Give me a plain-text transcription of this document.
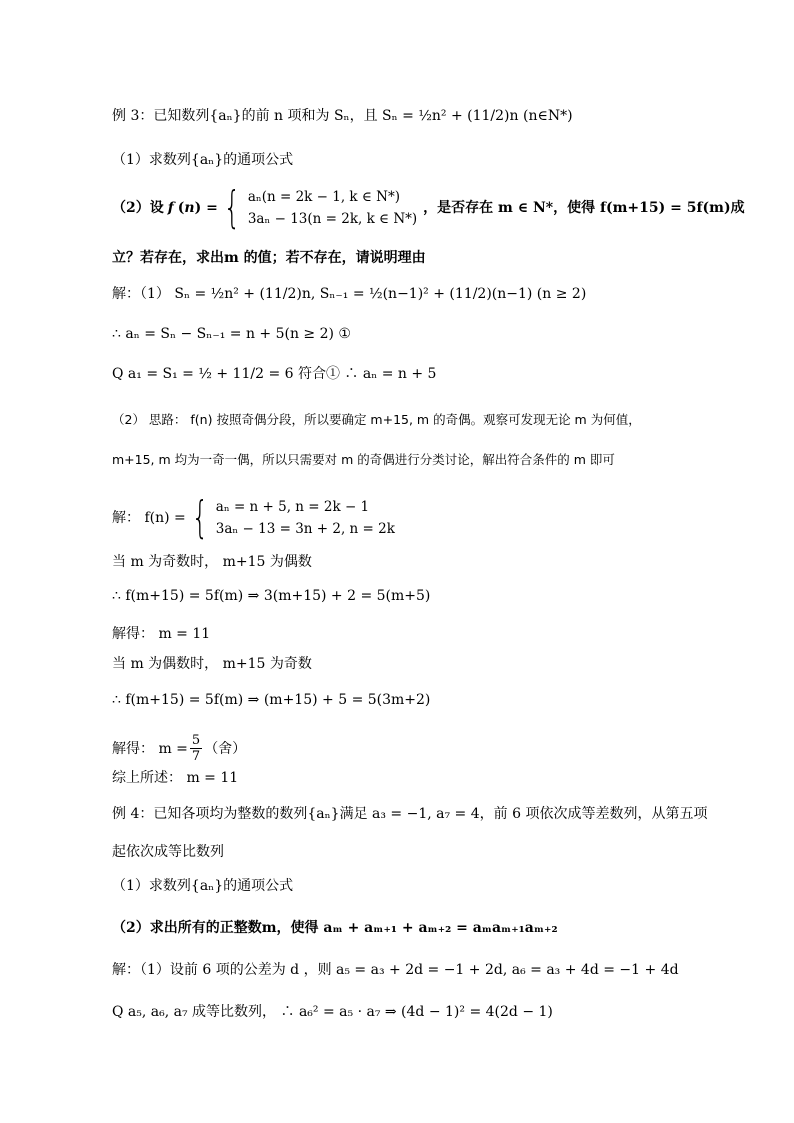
例 3：已知数列{aₙ}的前 n 项和为 Sₙ，且 Sₙ = ½n² + (11/2)n (n∈N*)
（1）求数列{aₙ}的通项公式
（2）设 f ( n ) = { aₙ(n = 2k − 1, k ∈ N*)
3aₙ − 13(n = 2k, k ∈ N*)
，是否存在 m ∈ N*，使得 f(m+15) = 5f(m)成
立？若存在，求出m 的值；若不存在，请说明理由
解：（1） Sₙ = ½n² + (11/2)n, Sₙ₋₁ = ½(n−1)² + (11/2)(n−1) (n ≥ 2)
∴ aₙ = Sₙ − Sₙ₋₁ = n + 5(n ≥ 2) ①
Q a₁ = S₁ = ½ + 11/2 = 6 符合① ∴ aₙ = n + 5
（2） 思路： f(n) 按照奇偶分段，所以要确定 m+15, m 的奇偶。观察可发现无论 m 为何值，
m+15, m 均为一奇一偶，所以只需要对 m 的奇偶进行分类讨论，解出符合条件的 m 即可
解： f(n) = { aₙ = n + 5, n = 2k − 1
3aₙ − 13 = 3n + 2, n = 2k
当 m 为奇数时， m+15 为偶数
∴ f(m+15) = 5f(m) ⇒ 3(m+15) + 2 = 5(m+5)
解得： m = 11
当 m 为偶数时， m+15 为奇数
∴ f(m+15) = 5f(m) ⇒ (m+15) + 5 = 5(3m+2)
解得： $m = \frac{5}{7}$ （舍）
综上所述： m = 11
例 4：已知各项均为整数的数列{aₙ}满足 a₃ = −1, a₇ = 4，前 6 项依次成等差数列，从第五项
起依次成等比数列
（1）求数列{aₙ}的通项公式
（2）求出所有的正整数m，使得 aₘ + aₘ₊₁ + aₘ₊₂ = aₘaₘ₊₁aₘ₊₂
解：（1）设前 6 项的公差为 d ，则 a₅ = a₃ + 2d = −1 + 2d, a₆ = a₃ + 4d = −1 + 4d
Q a₅, a₆, a₇ 成等比数列， ∴ a₆² = a₅ · a₇ ⇒ (4d − 1)² = 4(2d − 1)
